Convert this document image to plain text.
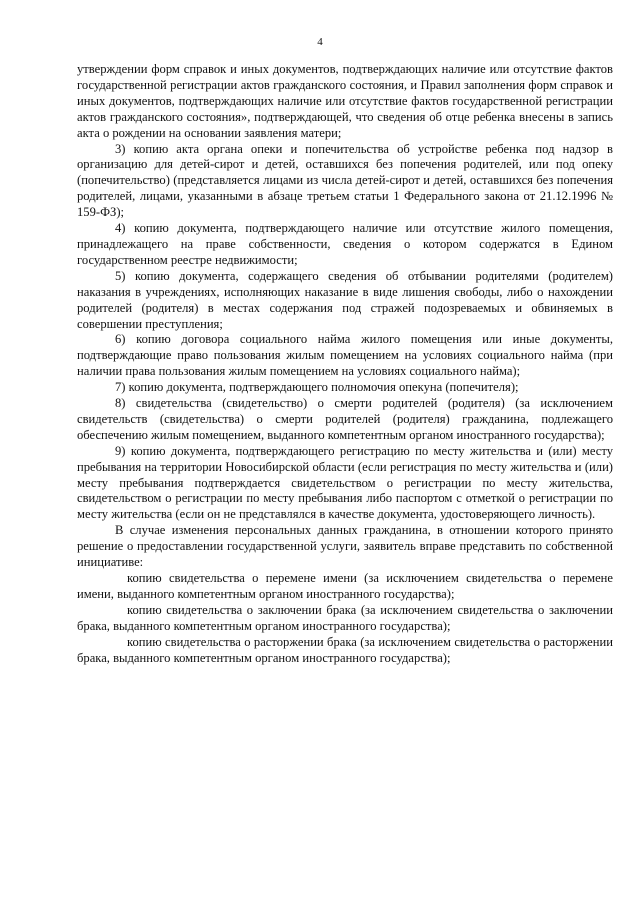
4

утверждении форм справок и иных документов, подтверждающих наличие или отсутствие фактов государственной регистрации актов гражданского состояния, и Правил заполнения форм справок и иных документов, подтверждающих наличие или отсутствие фактов государственной регистрации актов гражданского состояния», подтверждающей, что сведения об отце ребенка внесены в запись акта о рождении на основании заявления матери;

3) копию акта органа опеки и попечительства об устройстве ребенка под надзор в организацию для детей-сирот и детей, оставшихся без попечения родителей, или под опеку (попечительство) (представляется лицами из числа детей-сирот и детей, оставшихся без попечения родителей, лицами, указанными в абзаце третьем статьи 1 Федерального закона от 21.12.1996 № 159-ФЗ);

4) копию документа, подтверждающего наличие или отсутствие жилого помещения, принадлежащего на праве собственности, сведения о котором содержатся в Едином государственном реестре недвижимости;

5) копию документа, содержащего сведения об отбывании родителями (родителем) наказания в учреждениях, исполняющих наказание в виде лишения свободы, либо о нахождении родителей (родителя) в местах содержания под стражей подозреваемых и обвиняемых в совершении преступления;

6) копию договора социального найма жилого помещения или иные документы, подтверждающие право пользования жилым помещением на условиях социального найма (при наличии права пользования жилым помещением на условиях социального найма);

7) копию документа, подтверждающего полномочия опекуна (попечителя);

8) свидетельства (свидетельство) о смерти родителей (родителя) (за исключением свидетельств (свидетельства) о смерти родителей (родителя) гражданина, подлежащего обеспечению жилым помещением, выданного компетентным органом иностранного государства);

9) копию документа, подтверждающего регистрацию по месту жительства и (или) месту пребывания на территории Новосибирской области (если регистрация по месту жительства и (или) месту пребывания подтверждается свидетельством о регистрации по месту жительства, свидетельством о регистрации по месту пребывания либо паспортом с отметкой о регистрации по месту жительства (если он не представлялся в качестве документа, удостоверяющего личность).

В случае изменения персональных данных гражданина, в отношении которого принято решение о предоставлении государственной услуги, заявитель вправе представить по собственной инициативе:

копию свидетельства о перемене имени (за исключением свидетельства о перемене имени, выданного компетентным органом иностранного государства);

копию свидетельства о заключении брака (за исключением свидетельства о заключении брака, выданного компетентным органом иностранного государства);

копию свидетельства о расторжении брака (за исключением свидетельства о расторжении брака, выданного компетентным органом иностранного государства);
